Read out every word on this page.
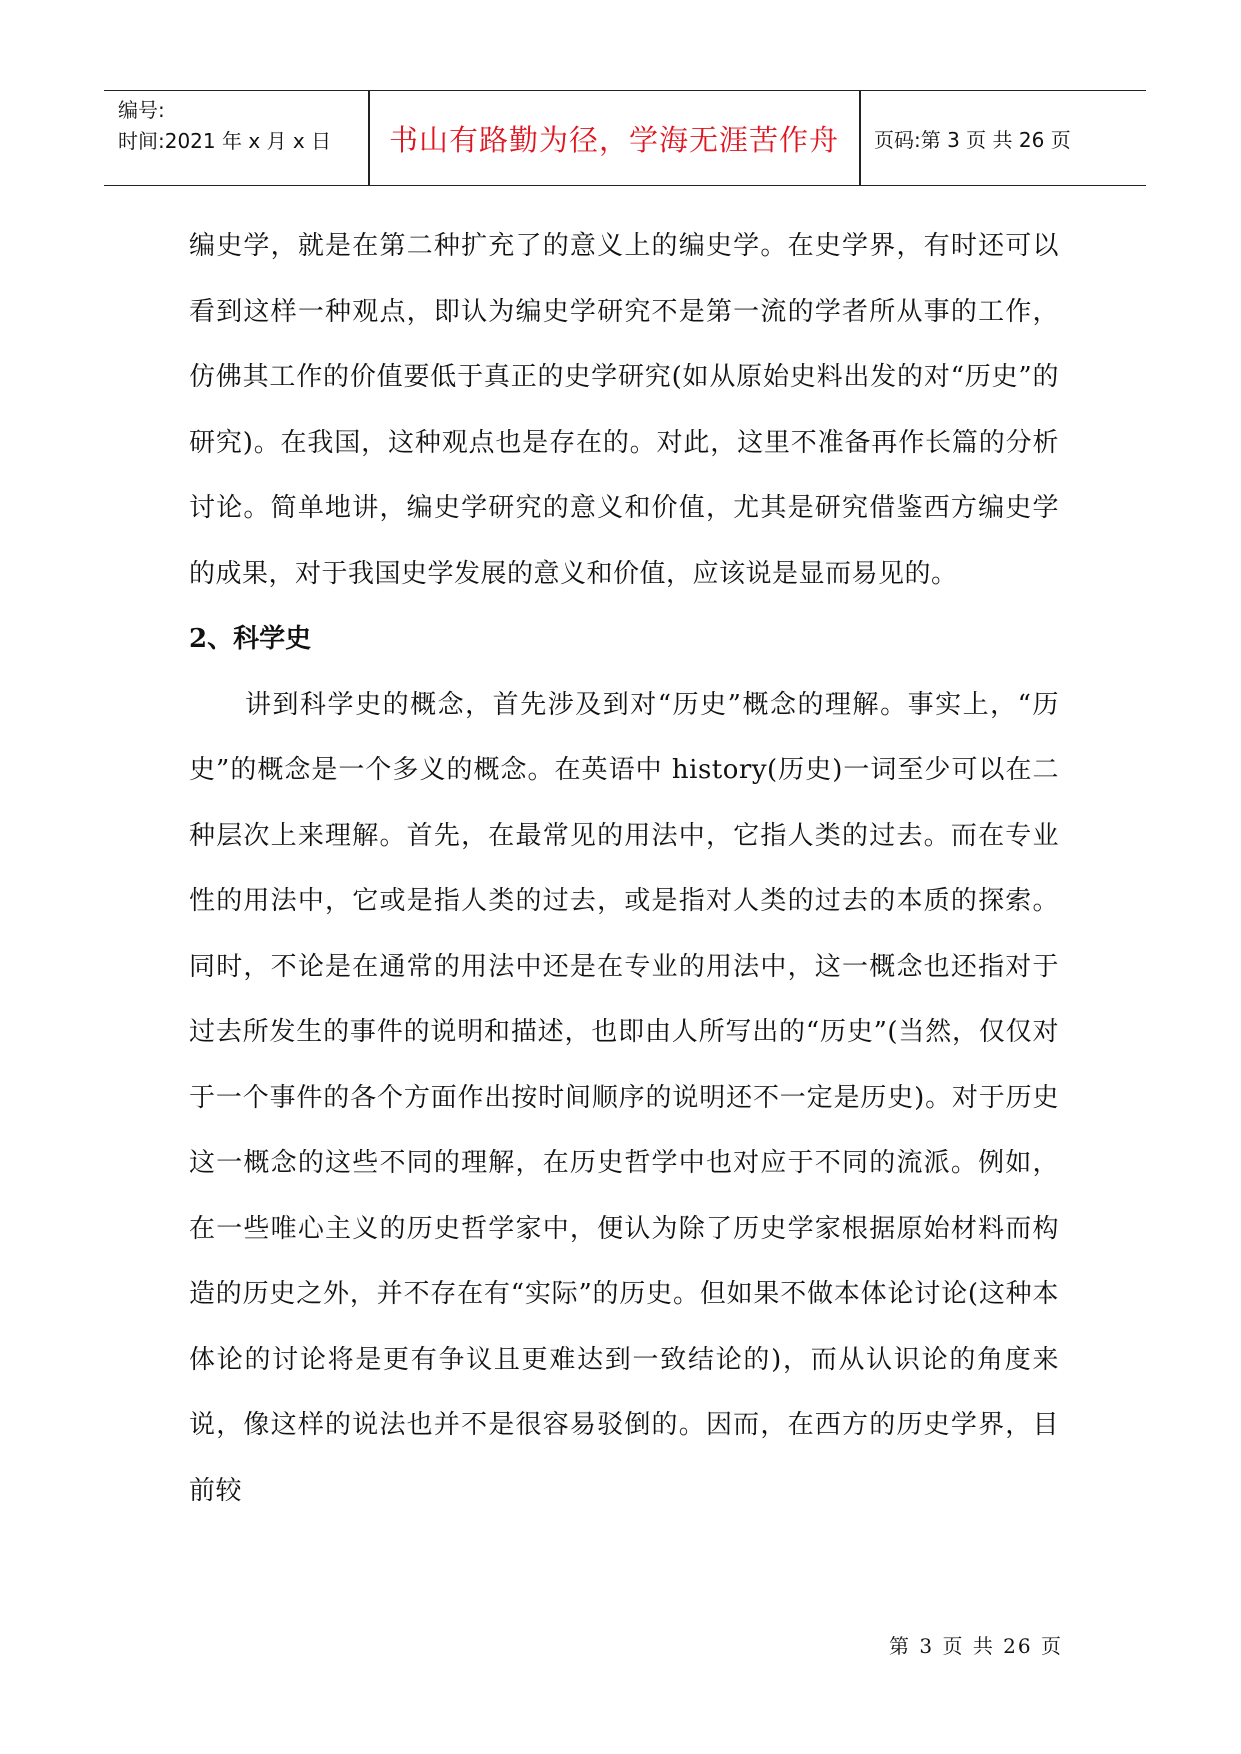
编号:
时间:2021 年 x 月 x 日	书山有路勤为径，学海无涯苦作舟	页码:第 3 页 共 26 页

编史学，就是在第二种扩充了的意义上的编史学。在史学界，有时还可以看到这样一种观点，即认为编史学研究不是第一流的学者所从事的工作，仿佛其工作的价值要低于真正的史学研究(如从原始史料出发的对“历史”的研究)。在我国，这种观点也是存在的。对此，这里不准备再作长篇的分析讨论。简单地讲，编史学研究的意义和价值，尤其是研究借鉴西方编史学的成果，对于我国史学发展的意义和价值，应该说是显而易见的。

2、科学史

讲到科学史的概念，首先涉及到对“历史”概念的理解。事实上，“历史”的概念是一个多义的概念。在英语中 history(历史)一词至少可以在二种层次上来理解。首先，在最常见的用法中，它指人类的过去。而在专业性的用法中，它或是指人类的过去，或是指对人类的过去的本质的探索。同时，不论是在通常的用法中还是在专业的用法中，这一概念也还指对于过去所发生的事件的说明和描述，也即由人所写出的“历史”(当然，仅仅对于一个事件的各个方面作出按时间顺序的说明还不一定是历史)。对于历史这一概念的这些不同的理解，在历史哲学中也对应于不同的流派。例如，在一些唯心主义的历史哲学家中，便认为除了历史学家根据原始材料而构造的历史之外，并不存在有“实际”的历史。但如果不做本体论讨论(这种本体论的讨论将是更有争议且更难达到一致结论的)，而从认识论的角度来说，像这样的说法也并不是很容易驳倒的。因而，在西方的历史学界，目前较

第 3 页 共 26 页
